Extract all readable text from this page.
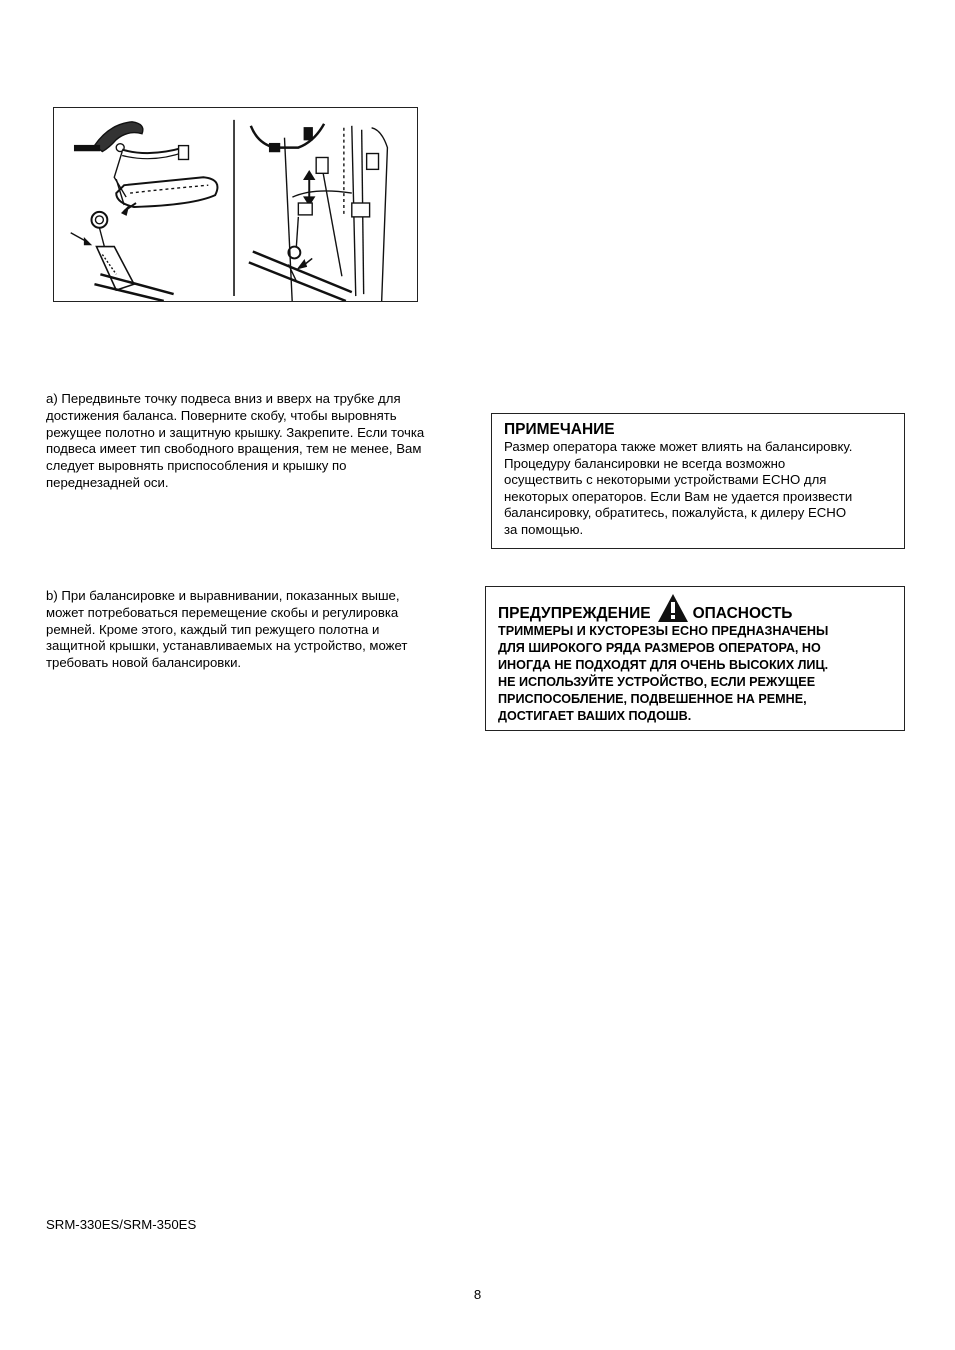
a) Передвиньте точку подвеса вниз и вверх на трубке для
достижения баланса. Поверните скобу, чтобы выровнять
режущее полотно и защитную крышку. Закрепите. Если точка
подвеса имеет тип свободного вращения, тем не менее, Вам
следует выровнять приспособления и крышку по
переднезадней оси.

ПРИМЕЧАНИЕ

Размер оператора также может влиять на балансировку.
Процедуру балансировки не всегда возможно
осуществить с некоторыми устройствами ECHO для
некоторых операторов. Если Вам не удается произвести
балансировку, обратитесь, пожалуйста, к дилеру ECHO
за помощью.

b) При балансировке и выравнивании, показанных выше,
может потребоваться перемещение скобы и регулировка
ремней. Кроме этого, каждый тип режущего полотна и
защитной крышки, устанавливаемых на устройство, может
требовать новой балансировки.

ПРЕДУПРЕЖДЕНИЕ	ОПАСНОСТЬ

ТРИММЕРЫ И КУСТОРЕЗЫ ECHO ПРЕДНАЗНАЧЕНЫ
ДЛЯ ШИРОКОГО РЯДА РАЗМЕРОВ ОПЕРАТОРА, НО
ИНОГДА НЕ ПОДХОДЯТ ДЛЯ ОЧЕНЬ ВЫСОКИХ ЛИЦ.
НЕ ИСПОЛЬЗУЙТЕ УСТРОЙСТВО, ЕСЛИ РЕЖУЩЕЕ
ПРИСПОСОБЛЕНИЕ, ПОДВЕШЕННОЕ НА РЕМНЕ,
ДОСТИГАЕТ ВАШИХ ПОДОШВ.

SRM-330ES/SRM-350ES
8
